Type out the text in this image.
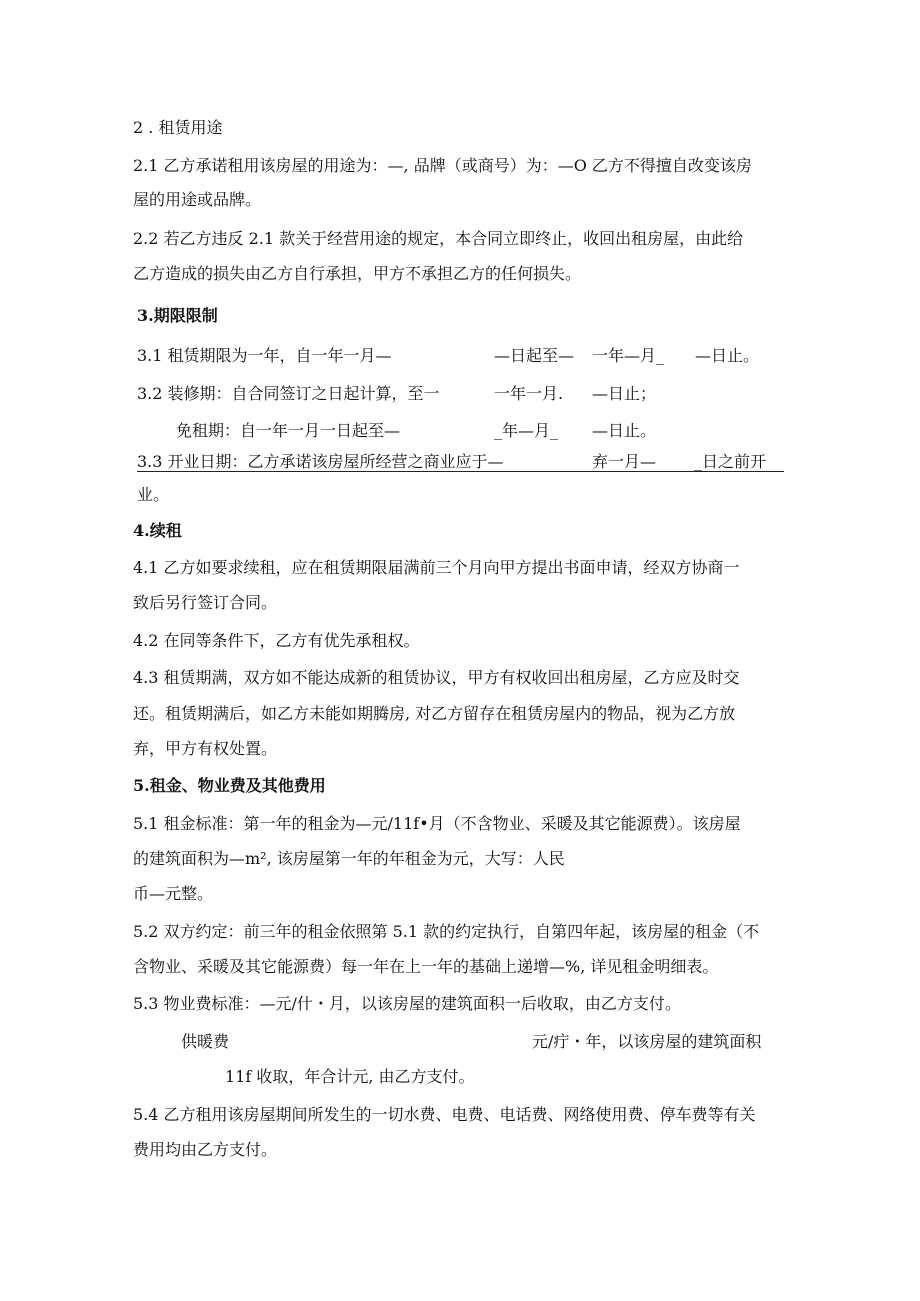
2 . 租赁用途
2.1 乙方承诺租用该房屋的用途为：—, 品牌（或商号）为：—O 乙方不得擅自改变该房
屋的用途或品牌。
2.2 若乙方违反 2.1 款关于经营用途的规定，本合同立即终止，收回出租房屋，由此给
乙方造成的损失由乙方自行承担，甲方不承担乙方的任何损失。
3.期限限制
3.1 租赁期限为一年，自一年一月—	—日起至— 一年—月_ —日止。
3.2 装修期：自合同签订之日起计算，至一	一年一月. —日止；
免租期：自一年一月一日起至—	_年—月_ —日止。
3.3 开业日期：乙方承诺该房屋所经营之商业应于—	弃一月— _日之前开
业。
4.续租
4.1 乙方如要求续租，应在租赁期限届满前三个月向甲方提出书面申请，经双方协商一
致后另行签订合同。
4.2 在同等条件下，乙方有优先承租权。
4.3 租赁期满，双方如不能达成新的租赁协议，甲方有权收回出租房屋，乙方应及时交
还。租赁期满后，如乙方未能如期腾房, 对乙方留存在租赁房屋内的物品，视为乙方放
弃，甲方有权处置。
5.租金、物业费及其他费用
5.1 租金标准：第一年的租金为—元/11f•月（不含物业、采暖及其它能源费）。该房屋
的建筑面积为—m², 该房屋第一年的年租金为元，大写：人民
币—元整。
5.2 双方约定：前三年的租金依照第 5.1 款的约定执行，自第四年起，该房屋的租金（不
含物业、采暖及其它能源费）每一年在上一年的基础上递增—%, 详见租金明细表。
5.3 物业费标准：—元/什・月，以该房屋的建筑面积一后收取，由乙方支付。
供暖费	元/疔・年，以该房屋的建筑面积
11f 收取，年合计元, 由乙方支付。
5.4 乙方租用该房屋期间所发生的一切水费、电费、电话费、网络使用费、停车费等有关
费用均由乙方支付。
